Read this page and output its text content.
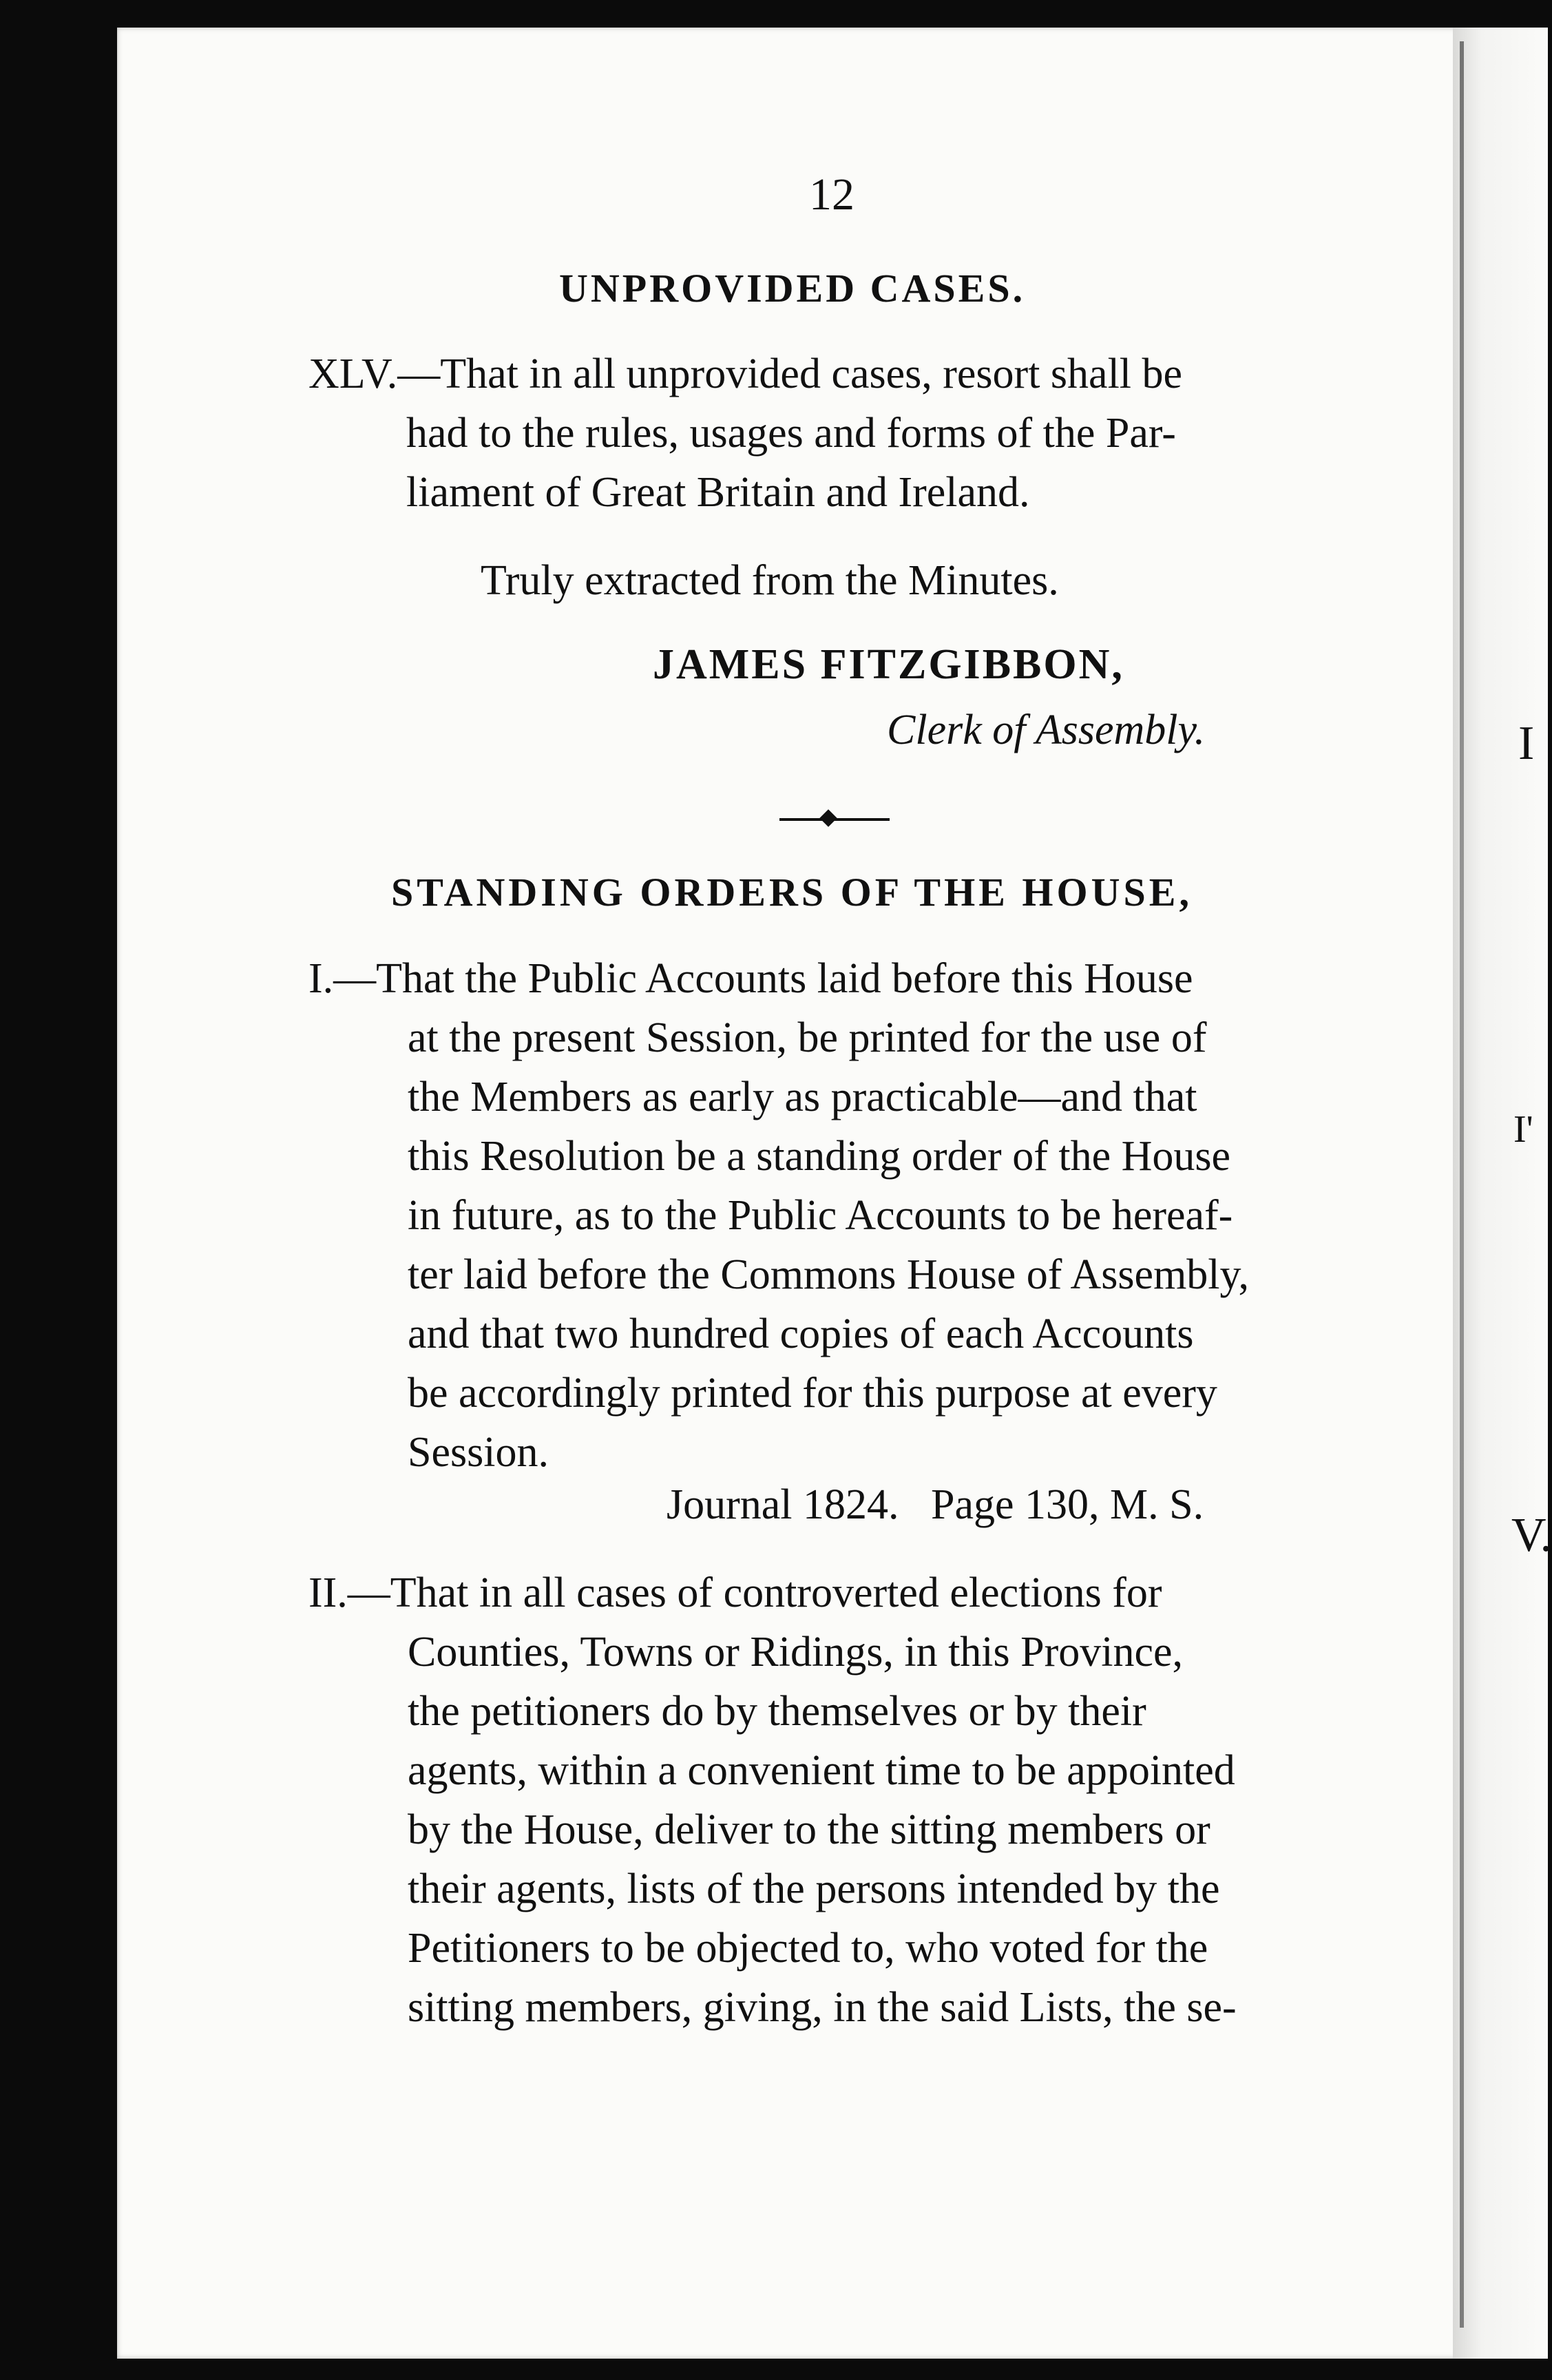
I
I'
V.
12
UNPROVIDED CASES.
XLV.—That in all unprovided cases, resort shall be
had to the rules, usages and forms of the Par-
liament of Great Britain and Ireland.
Truly extracted from the Minutes.
JAMES FITZGIBBON,
Clerk of Assembly.
STANDING ORDERS OF THE HOUSE,
I.—That the Public Accounts laid before this House
at the present Session, be printed for the use of
the Members as early as practicable—and that
this Resolution be a standing order of the House
in future, as to the Public Accounts to be hereaf-
ter laid before the Commons House of Assembly,
and that two hundred copies of each Accounts
be accordingly printed for this purpose at every
Session.
Journal 1824.   Page 130, M. S.
II.—That in all cases of controverted elections for
Counties, Towns or Ridings, in this Province,
the petitioners do by themselves or by their
agents, within a convenient time to be appointed
by the House, deliver to the sitting members or
their agents, lists of the persons intended by the
Petitioners to be objected to, who voted for the
sitting members, giving, in the said Lists, the se-
